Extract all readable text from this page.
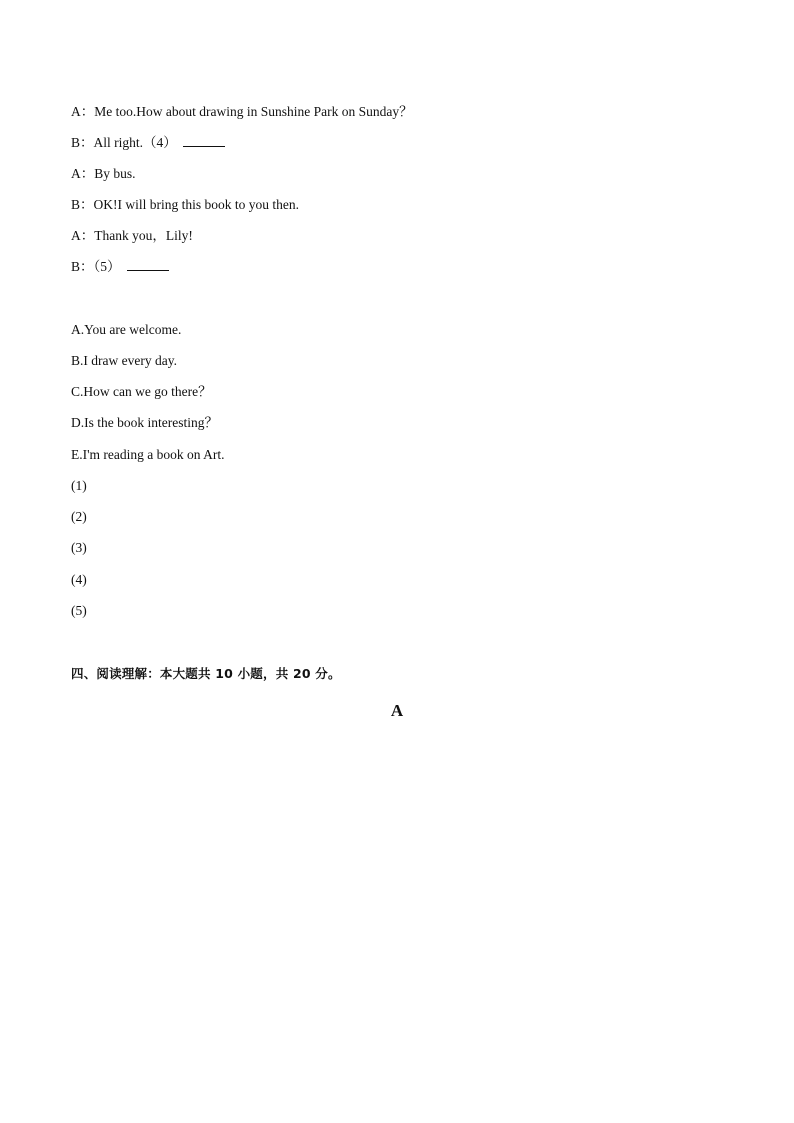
A：Me too.How about drawing in Sunshine Park on Sunday？
B：All right.（4）
A：By bus.
B：OK!I will bring this book to you then.
A：Thank you，Lily!
B：（5）
A.You are welcome.
B.I draw every day.
C.How can we go there？
D.Is the book interesting？
E.I'm reading a book on Art.
(1)
(2)
(3)
(4)
(5)
四、阅读理解：本大题共 10 小题，共 20 分。
A
